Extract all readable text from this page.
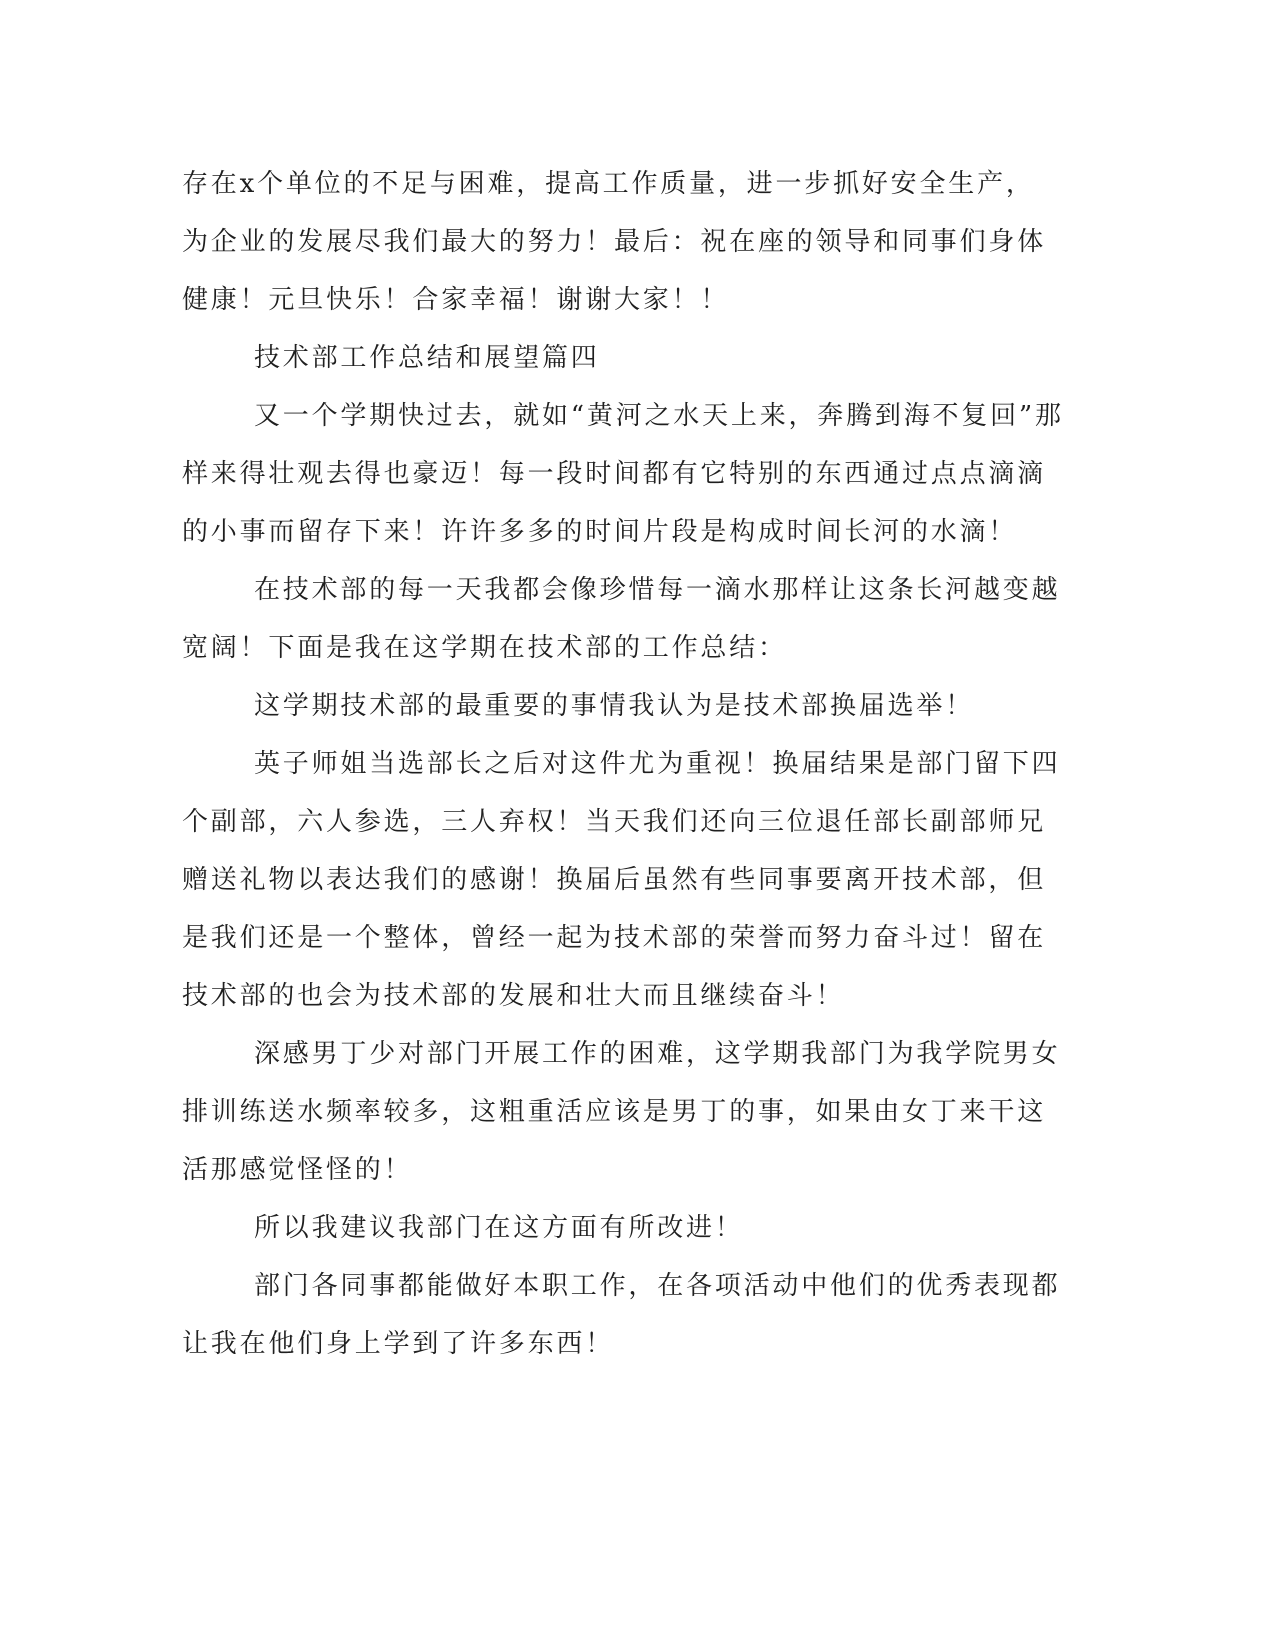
存在x个单位的不足与困难，提高工作质量，进一步抓好安全生产，
为企业的发展尽我们最大的努力！最后：祝在座的领导和同事们身体
健康！元旦快乐！合家幸福！谢谢大家！！
技术部工作总结和展望篇四
又一个学期快过去，就如“黄河之水天上来，奔腾到海不复回”那
样来得壮观去得也豪迈！每一段时间都有它特别的东西通过点点滴滴
的小事而留存下来！许许多多的时间片段是构成时间长河的水滴！
在技术部的每一天我都会像珍惜每一滴水那样让这条长河越变越
宽阔！下面是我在这学期在技术部的工作总结：
这学期技术部的最重要的事情我认为是技术部换届选举！
英子师姐当选部长之后对这件尤为重视！换届结果是部门留下四
个副部，六人参选，三人弃权！当天我们还向三位退任部长副部师兄
赠送礼物以表达我们的感谢！换届后虽然有些同事要离开技术部，但
是我们还是一个整体，曾经一起为技术部的荣誉而努力奋斗过！留在
技术部的也会为技术部的发展和壮大而且继续奋斗！
深感男丁少对部门开展工作的困难，这学期我部门为我学院男女
排训练送水频率较多，这粗重活应该是男丁的事，如果由女丁来干这
活那感觉怪怪的！
所以我建议我部门在这方面有所改进！
部门各同事都能做好本职工作，在各项活动中他们的优秀表现都
让我在他们身上学到了许多东西！
